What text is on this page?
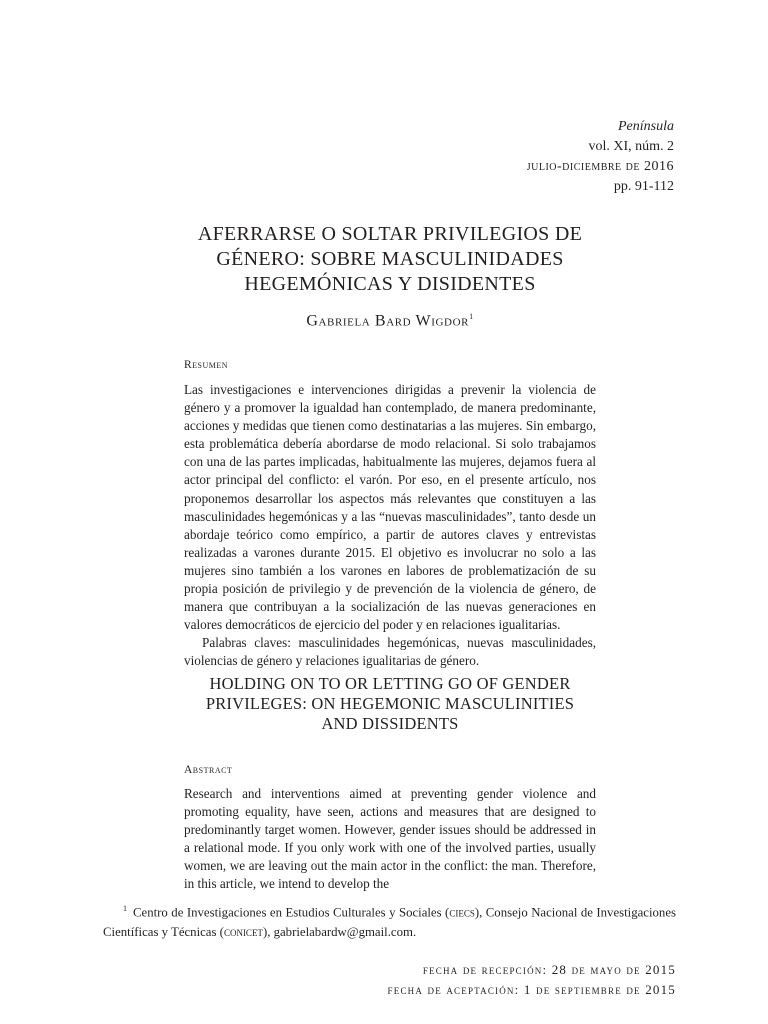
Península
vol. XI, núm. 2
julio-diciembre de 2016
pp. 91-112
AFERRARSE O SOLTAR PRIVILEGIOS DE
GÉNERO: SOBRE MASCULINIDADES
HEGEMÓNICAS Y DISIDENTES
Gabriela Bard Wigdor$^1$
Resumen

Las investigaciones e intervenciones dirigidas a prevenir la violencia de género y a promover la igualdad han contemplado, de manera predominante, acciones y medidas que tienen como destinatarias a las mujeres. Sin embargo, esta problemática debería abordarse de modo relacional. Si solo trabajamos con una de las partes implicadas, habitualmente las mujeres, dejamos fuera al actor principal del conflicto: el varón. Por eso, en el presente artículo, nos proponemos desarrollar los aspectos más relevantes que constituyen a las masculinidades hegemónicas y a las “nuevas masculinidades”, tanto desde un abordaje teórico como empírico, a partir de autores claves y entrevistas realizadas a varones durante 2015. El objetivo es involucrar no solo a las mujeres sino también a los varones en labores de problematización de su propia posición de privilegio y de prevención de la violencia de género, de manera que contribuyan a la socialización de las nuevas generaciones en valores democráticos de ejercicio del poder y en relaciones igualitarias.

Palabras claves: masculinidades hegemónicas, nuevas masculinidades, violencias de género y relaciones igualitarias de género.

HOLDING ON TO OR LETTING GO OF GENDER
PRIVILEGES: ON HEGEMONIC MASCULINITIES
AND DISSIDENTS
Abstract

Research and interventions aimed at preventing gender violence and promoting equality, have seen, actions and measures that are designed to predominantly target women. However, gender issues should be addressed in a relational mode. If you only work with one of the involved parties, usually women, we are leaving out the main actor in the conflict: the man. Therefore, in this article, we intend to develop the

$^1$ Centro de Investigaciones en Estudios Culturales y Sociales (ciecs), Consejo Nacional de Investigaciones Científicas y Técnicas (conicet), gabrielabardw@gmail.com.
fecha de recepción: 28 de mayo de 2015
fecha de aceptación: 1 de septiembre de 2015
